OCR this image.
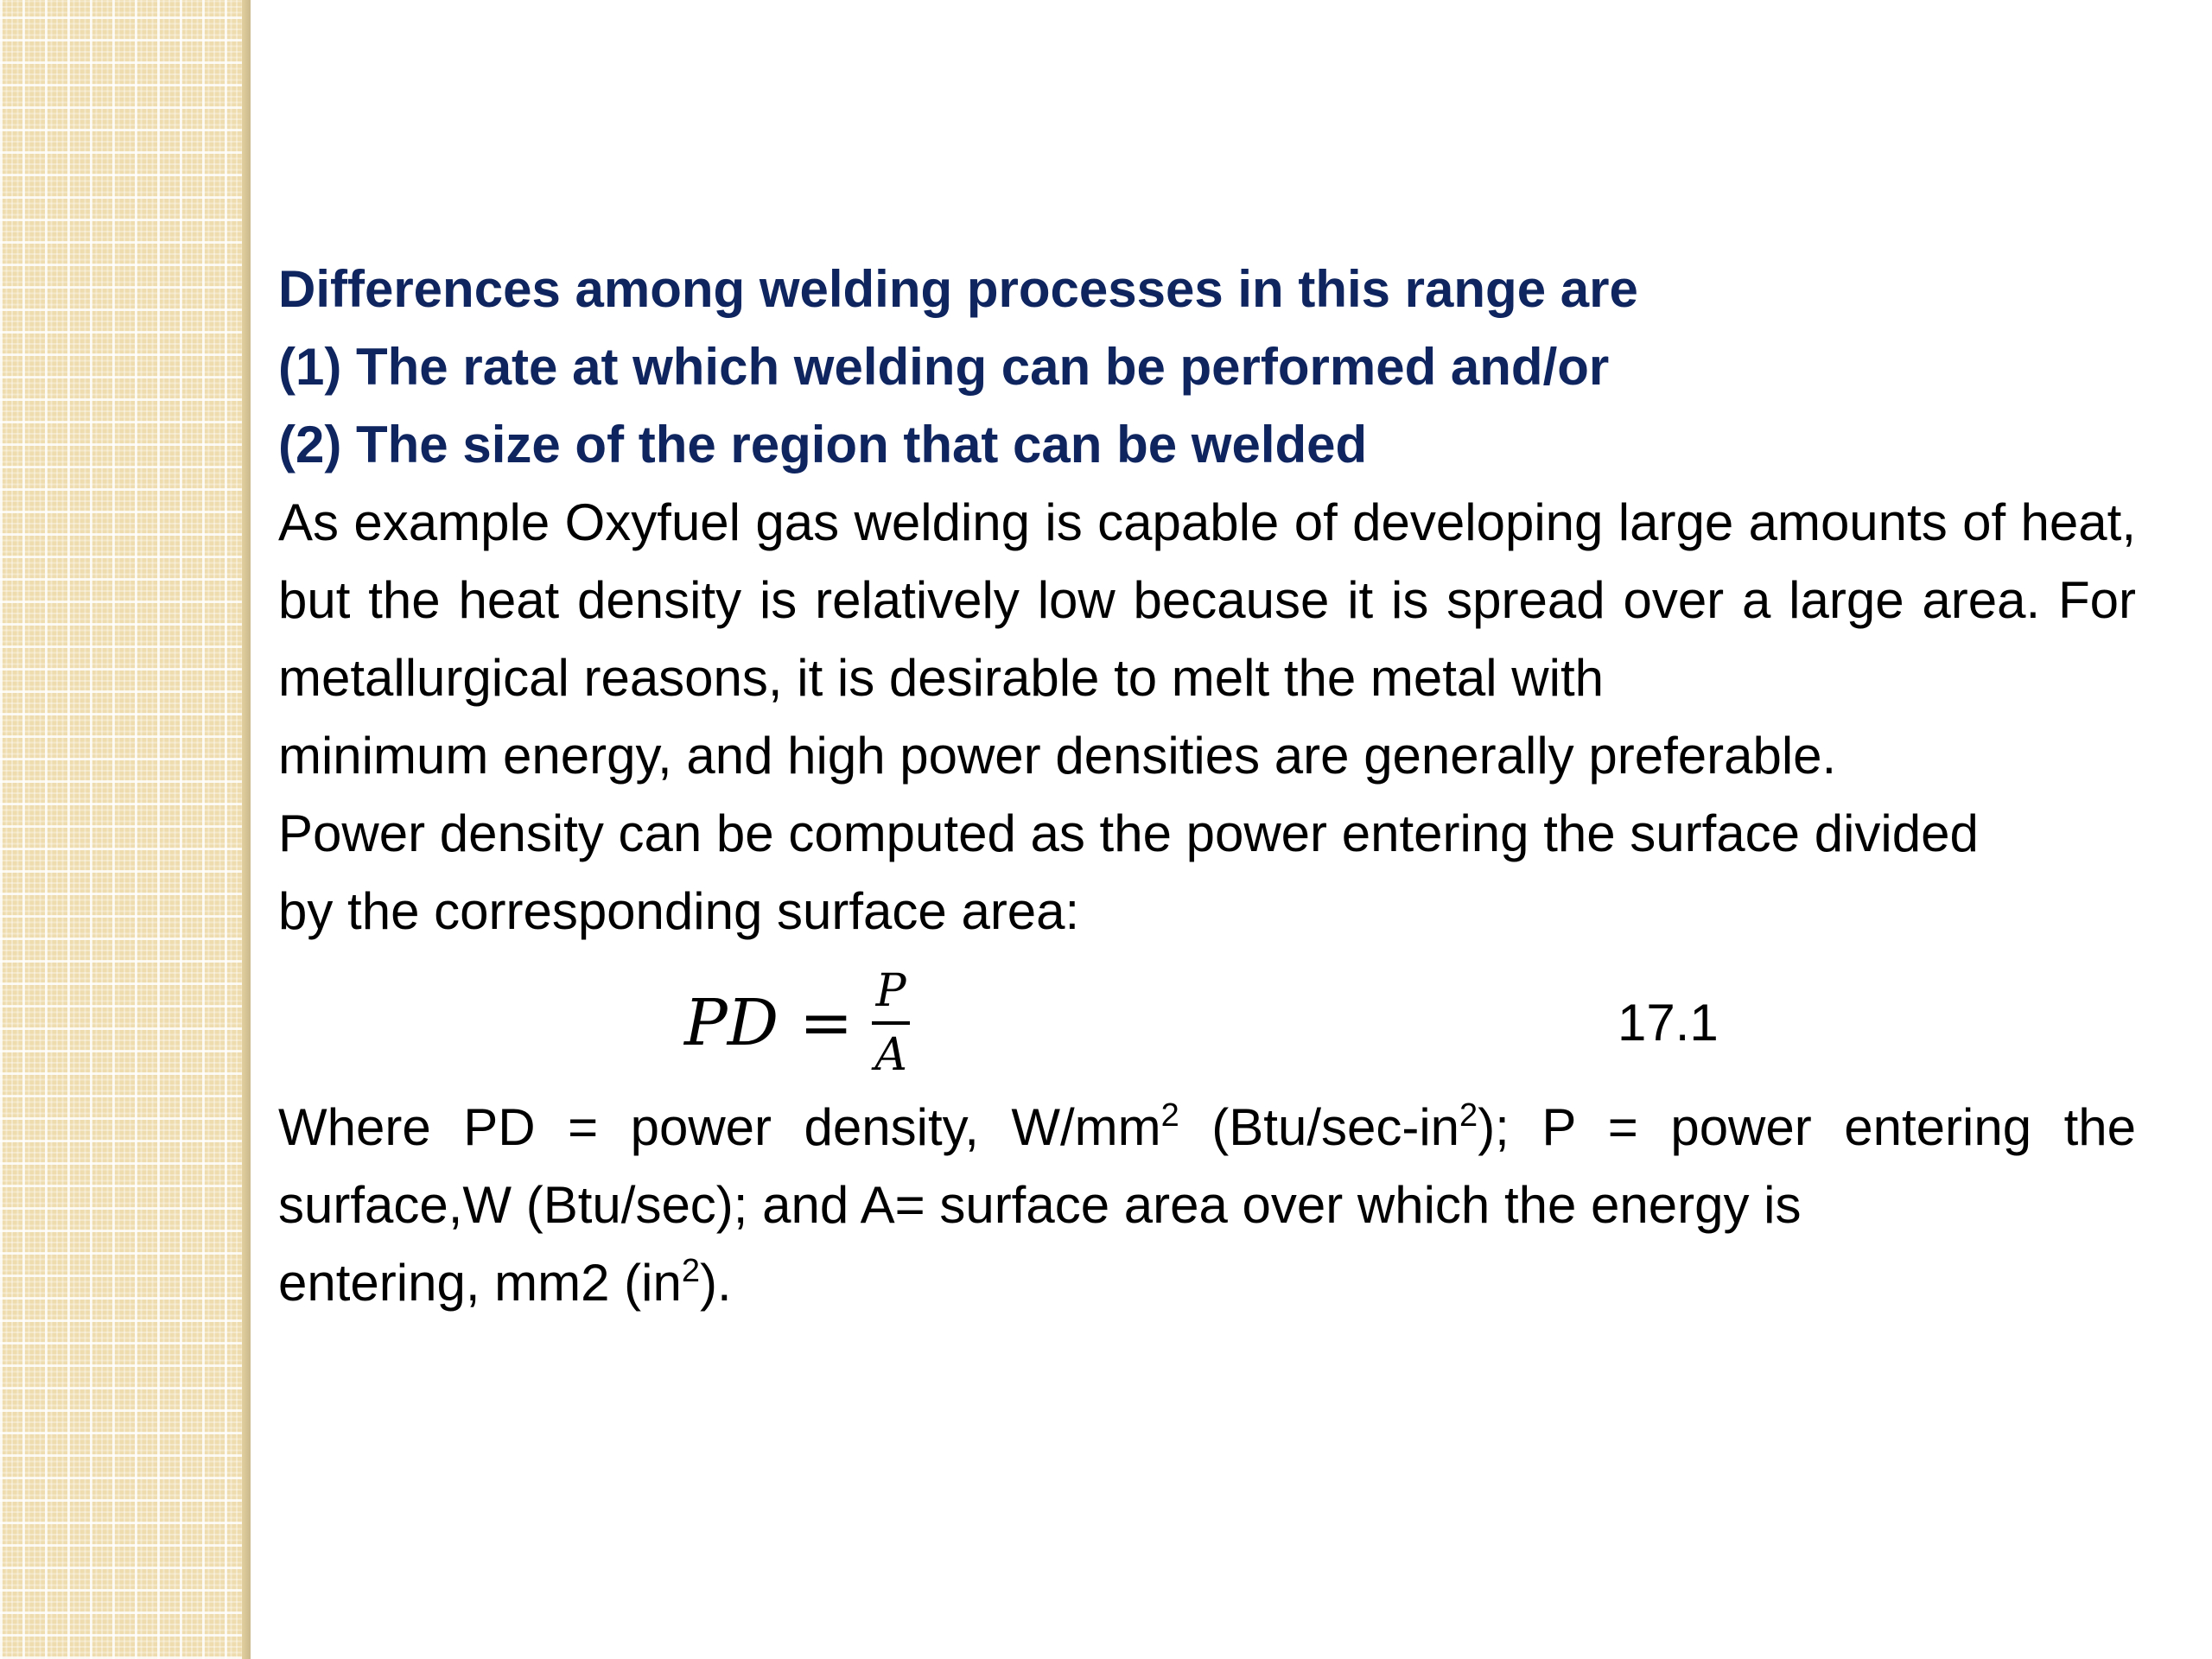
Differences among welding processes in this range are

(1) The rate at which welding can be performed and/or

(2) The size of the region that can be welded

As example Oxyfuel gas welding is capable of developing large amounts of heat, but the heat density is relatively low because it is spread over a large area. For metallurgical reasons, it is desirable to melt the metal with
minimum energy, and high power densities are generally preferable.

Power density can be computed as the power entering the surface divided
by the corresponding surface area:

PD = $\frac{P}{A}$	17.1

Where PD = power density, $W/mm^2$ $(Btu/\sec-in^2)$; P = power entering the surface,W (Btu/sec); and A= surface area over which the energy is
entering, mm2 $(in^2)$.
